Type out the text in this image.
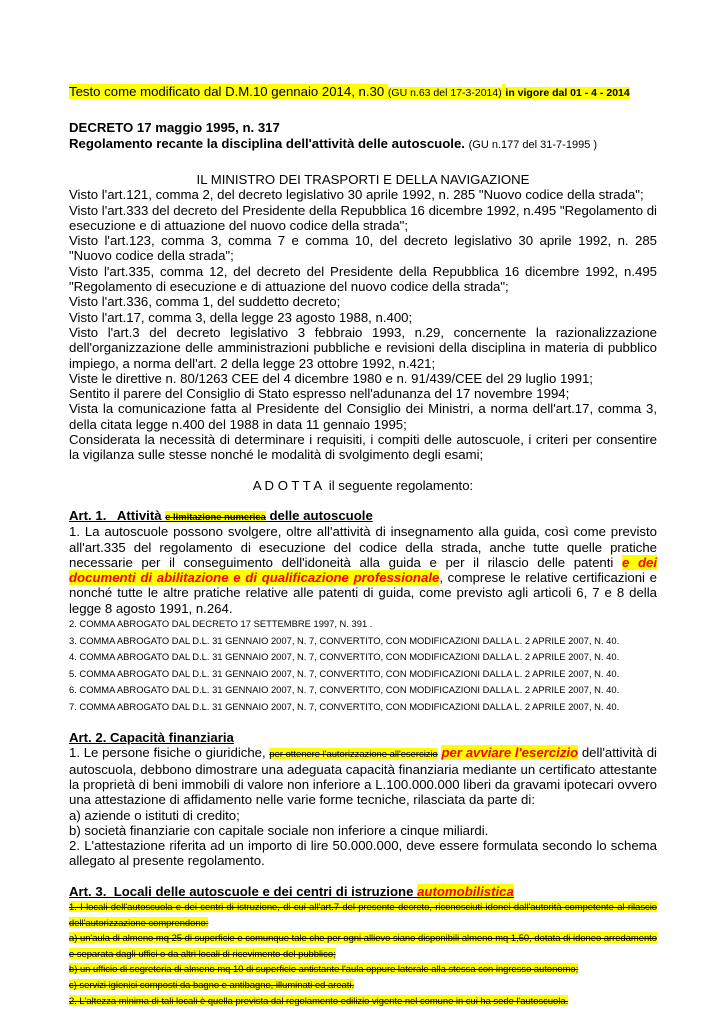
Testo come modificato dal D.M.10 gennaio 2014, n.30 (GU n.63 del 17-3-2014) in vigore dal 01 - 4 - 2014

DECRETO 17 maggio 1995, n. 317

Regolamento recante la disciplina dell'attività delle autoscuole. (GU n.177 del 31-7-1995 )

IL MINISTRO DEI TRASPORTI E DELLA NAVIGAZIONE

Visto l'art.121, comma 2, del decreto legislativo 30 aprile 1992, n. 285 "Nuovo codice della strada";

Visto l'art.333 del decreto del Presidente della Repubblica 16 dicembre 1992, n.495 "Regolamento di esecuzione e di attuazione del nuovo codice della strada";

Visto l'art.123, comma 3, comma 7 e comma 10, del decreto legislativo 30 aprile 1992, n. 285 "Nuovo codice della strada";

Visto l'art.335, comma 12, del decreto del Presidente della Repubblica 16 dicembre 1992, n.495 "Regolamento di esecuzione e di attuazione del nuovo codice della strada";

Visto l'art.336, comma 1, del suddetto decreto;

Visto l'art.17, comma 3, della legge 23 agosto 1988, n.400;

Visto l'art.3 del decreto legislativo 3 febbraio 1993, n.29, concernente la razionalizzazione dell'organizzazione delle amministrazioni pubbliche e revisioni della disciplina in materia di pubblico impiego, a norma dell'art. 2 della legge 23 ottobre 1992, n.421;

Viste le direttive n. 80/1263 CEE del 4 dicembre 1980 e n. 91/439/CEE del 29 luglio 1991;

Sentito il parere del Consiglio di Stato espresso nell'adunanza del 17 novembre 1994;

Vista la comunicazione fatta al Presidente del Consiglio dei Ministri, a norma dell'art.17, comma 3, della citata legge n.400 del 1988 in data 11 gennaio 1995;

Considerata la necessità di determinare i requisiti, i compiti delle autoscuole, i criteri per consentire la vigilanza sulle stesse nonché le modalità di svolgimento degli esami;

A D O T T A  il seguente regolamento:

Art. 1.   Attività e limitazione numerica delle autoscuole

1. La autoscuole possono svolgere, oltre all'attività di insegnamento alla guida, così come previsto all'art.335 del regolamento di esecuzione del codice della strada, anche tutte quelle pratiche necessarie per il conseguimento dell'idoneità alla guida e per il rilascio delle patenti e dei documenti di abilitazione e di qualificazione professionale, comprese le relative certificazioni e nonché tutte le altre pratiche relative alle patenti di guida, come previsto agli articoli 6, 7 e 8 della legge 8 agosto 1991, n.264.

2. COMMA ABROGATO DAL DECRETO 17 SETTEMBRE 1997, N. 391 .

3. COMMA ABROGATO DAL D.L. 31 GENNAIO 2007, N. 7, CONVERTITO, CON MODIFICAZIONI DALLA L. 2 APRILE 2007, N. 40.

4. COMMA ABROGATO DAL D.L. 31 GENNAIO 2007, N. 7, CONVERTITO, CON MODIFICAZIONI DALLA L. 2 APRILE 2007, N. 40.

5. COMMA ABROGATO DAL D.L. 31 GENNAIO 2007, N. 7, CONVERTITO, CON MODIFICAZIONI DALLA L. 2 APRILE 2007, N. 40.

6. COMMA ABROGATO DAL D.L. 31 GENNAIO 2007, N. 7, CONVERTITO, CON MODIFICAZIONI DALLA L. 2 APRILE 2007, N. 40.

7. COMMA ABROGATO DAL D.L. 31 GENNAIO 2007, N. 7, CONVERTITO, CON MODIFICAZIONI DALLA L. 2 APRILE 2007, N. 40.

Art. 2. Capacità finanziaria

1. Le persone fisiche o giuridiche, per ottenere l'autorizzazione all'esercizio per avviare l'esercizio dell'attività di autoscuola, debbono dimostrare una adeguata capacità finanziaria mediante un certificato attestante la proprietà di beni immobili di valore non inferiore a L.100.000.000 liberi da gravami ipotecari ovvero una attestazione di affidamento nelle varie forme tecniche, rilasciata da parte di:

a) aziende o istituti di credito;

b) società finanziarie con capitale sociale non inferiore a cinque miliardi.

2. L'attestazione riferita ad un importo di lire 50.000.000, deve essere formulata secondo lo schema allegato al presente regolamento.

Art. 3.  Locali delle autoscuole e dei centri di istruzione automobilistica

1. I locali dell'autoscuola e dei centri di istruzione, di cui all'art.7 del presente decreto, riconosciuti idonei dall'autorità competente al rilascio dell'autorizzazione comprendono:

a) un'aula di almeno mq 25 di superficie e comunque tale che per ogni allievo siano disponibili almeno mq 1,50, dotata di idoneo arredamento e separata dagli uffici o da altri locali di ricevimento del pubblico;

b) un ufficio di segreteria di almeno mq 10 di superficie antistante l'aula oppure laterale alla stessa con ingresso autonomo;

c) servizi igienici composti da bagno e antibagno, illuminati ed areati.

2. L'altezza minima di tali locali è quella prevista dal regolamento edilizio vigente nel comune in cui ha sede l'autoscuola.
